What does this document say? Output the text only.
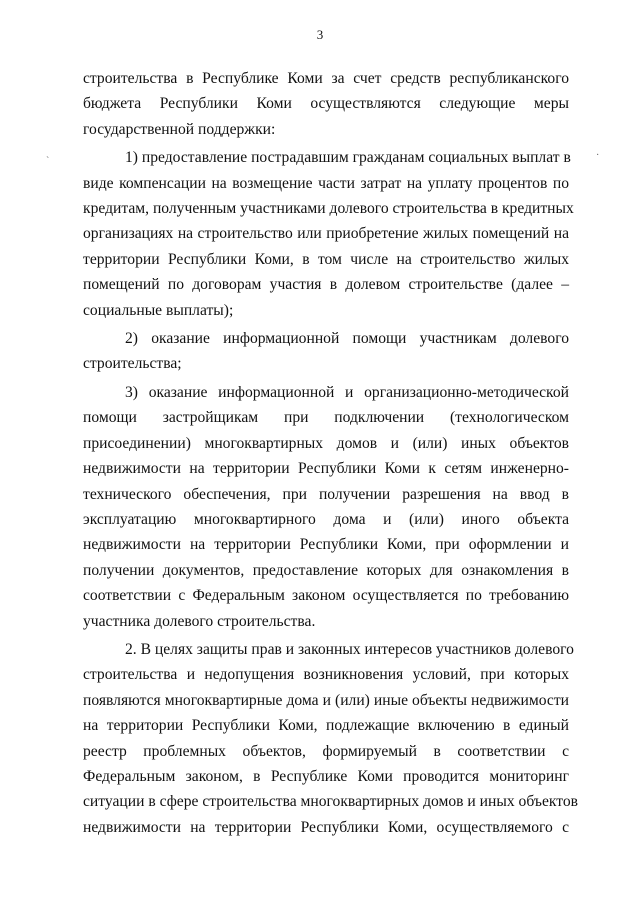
3

строительства в Республике Коми за счет средств республиканского
бюджета Республики Коми осуществляются следующие меры
государственной поддержки:

1) предоставление пострадавшим гражданам социальных выплат в
виде компенсации на возмещение части затрат на уплату процентов по
кредитам, полученным участниками долевого строительства в кредитных
организациях на строительство или приобретение жилых помещений на
территории Республики Коми, в том числе на строительство жилых
помещений по договорам участия в долевом строительстве (далее –
социальные выплаты);

2) оказание информационной помощи участникам долевого
строительства;

3) оказание информационной и организационно-методической
помощи застройщикам при подключении (технологическом
присоединении) многоквартирных домов и (или) иных объектов
недвижимости на территории Республики Коми к сетям инженерно-
технического обеспечения, при получении разрешения на ввод в
эксплуатацию многоквартирного дома и (или) иного объекта
недвижимости на территории Республики Коми, при оформлении и
получении документов, предоставление которых для ознакомления в
соответствии с Федеральным законом осуществляется по требованию
участника долевого строительства.

2. В целях защиты прав и законных интересов участников долевого
строительства и недопущения возникновения условий, при которых
появляются многоквартирные дома и (или) иные объекты недвижимости
на территории Республики Коми, подлежащие включению в единый
реестр проблемных объектов, формируемый в соответствии с
Федеральным законом, в Республике Коми проводится мониторинг
ситуации в сфере строительства многоквартирных домов и иных объектов
недвижимости на территории Республики Коми, осуществляемого с

`
·
